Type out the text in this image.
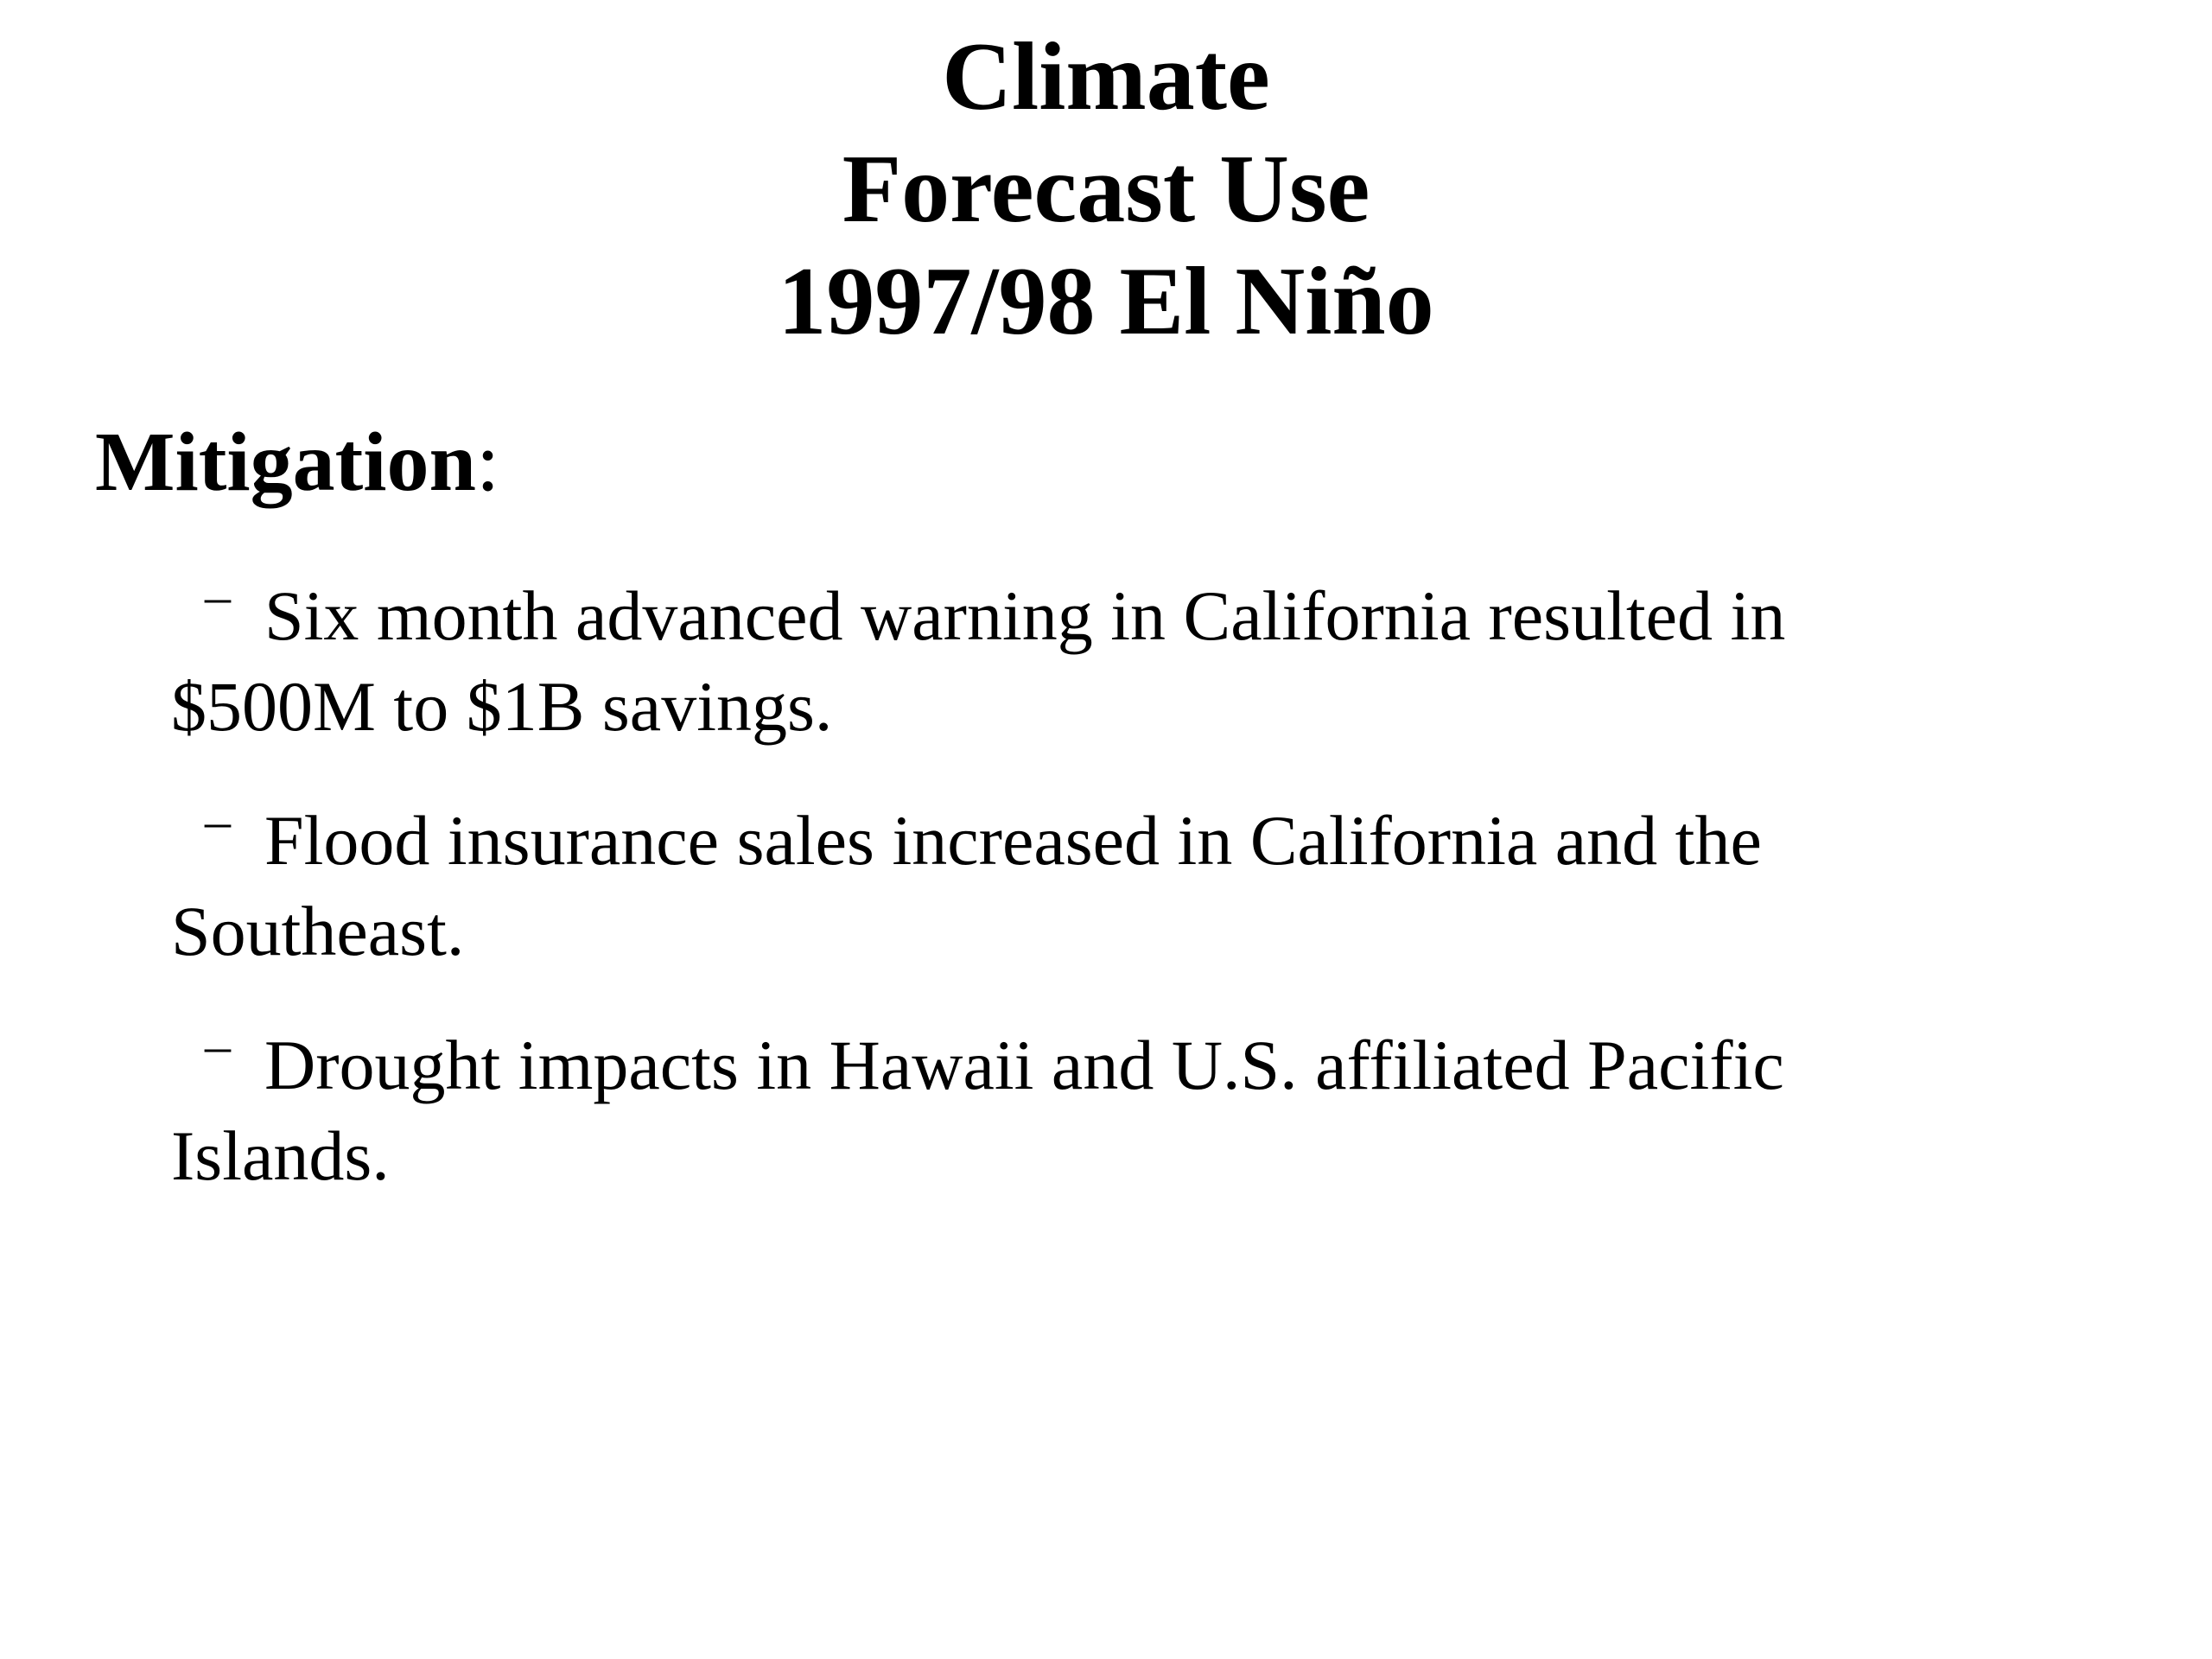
Climate
Forecast Use
1997/98 El Niño
Mitigation:
– Six month advanced warning in California resulted in $500M to $1B savings.
– Flood insurance sales increased in California and the Southeast.
– Drought impacts in Hawaii and U.S. affiliated Pacific Islands.
